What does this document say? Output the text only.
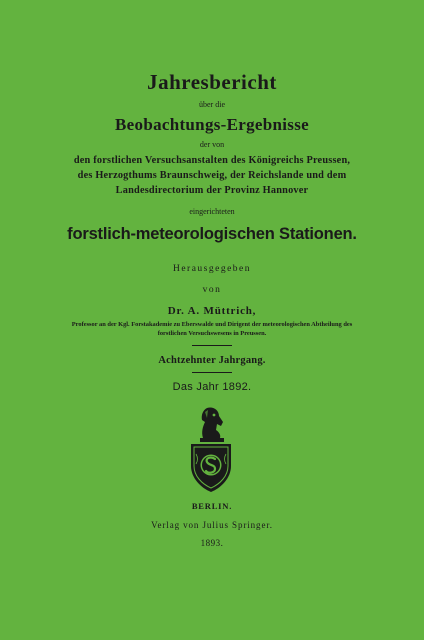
Jahresbericht
über die
Beobachtungs-Ergebnisse
der von
den forstlichen Versuchsanstalten des Königreichs Preussen,
des Herzogthums Braunschweig, der Reichslande und dem
Landesdirectorium der Provinz Hannover
eingerichteten
forstlich-meteorologischen Stationen.
Herausgegeben
von
Dr. A. Müttrich,
Professor an der Kgl. Forstakademie zu Eberswalde und Dirigent der meteorologischen Abtheilung des
forstlichen Versuchswesens in Preussen.
Achtzehnter Jahrgang.
Das Jahr 1892.
BERLIN.
Verlag von Julius Springer.
1893.
